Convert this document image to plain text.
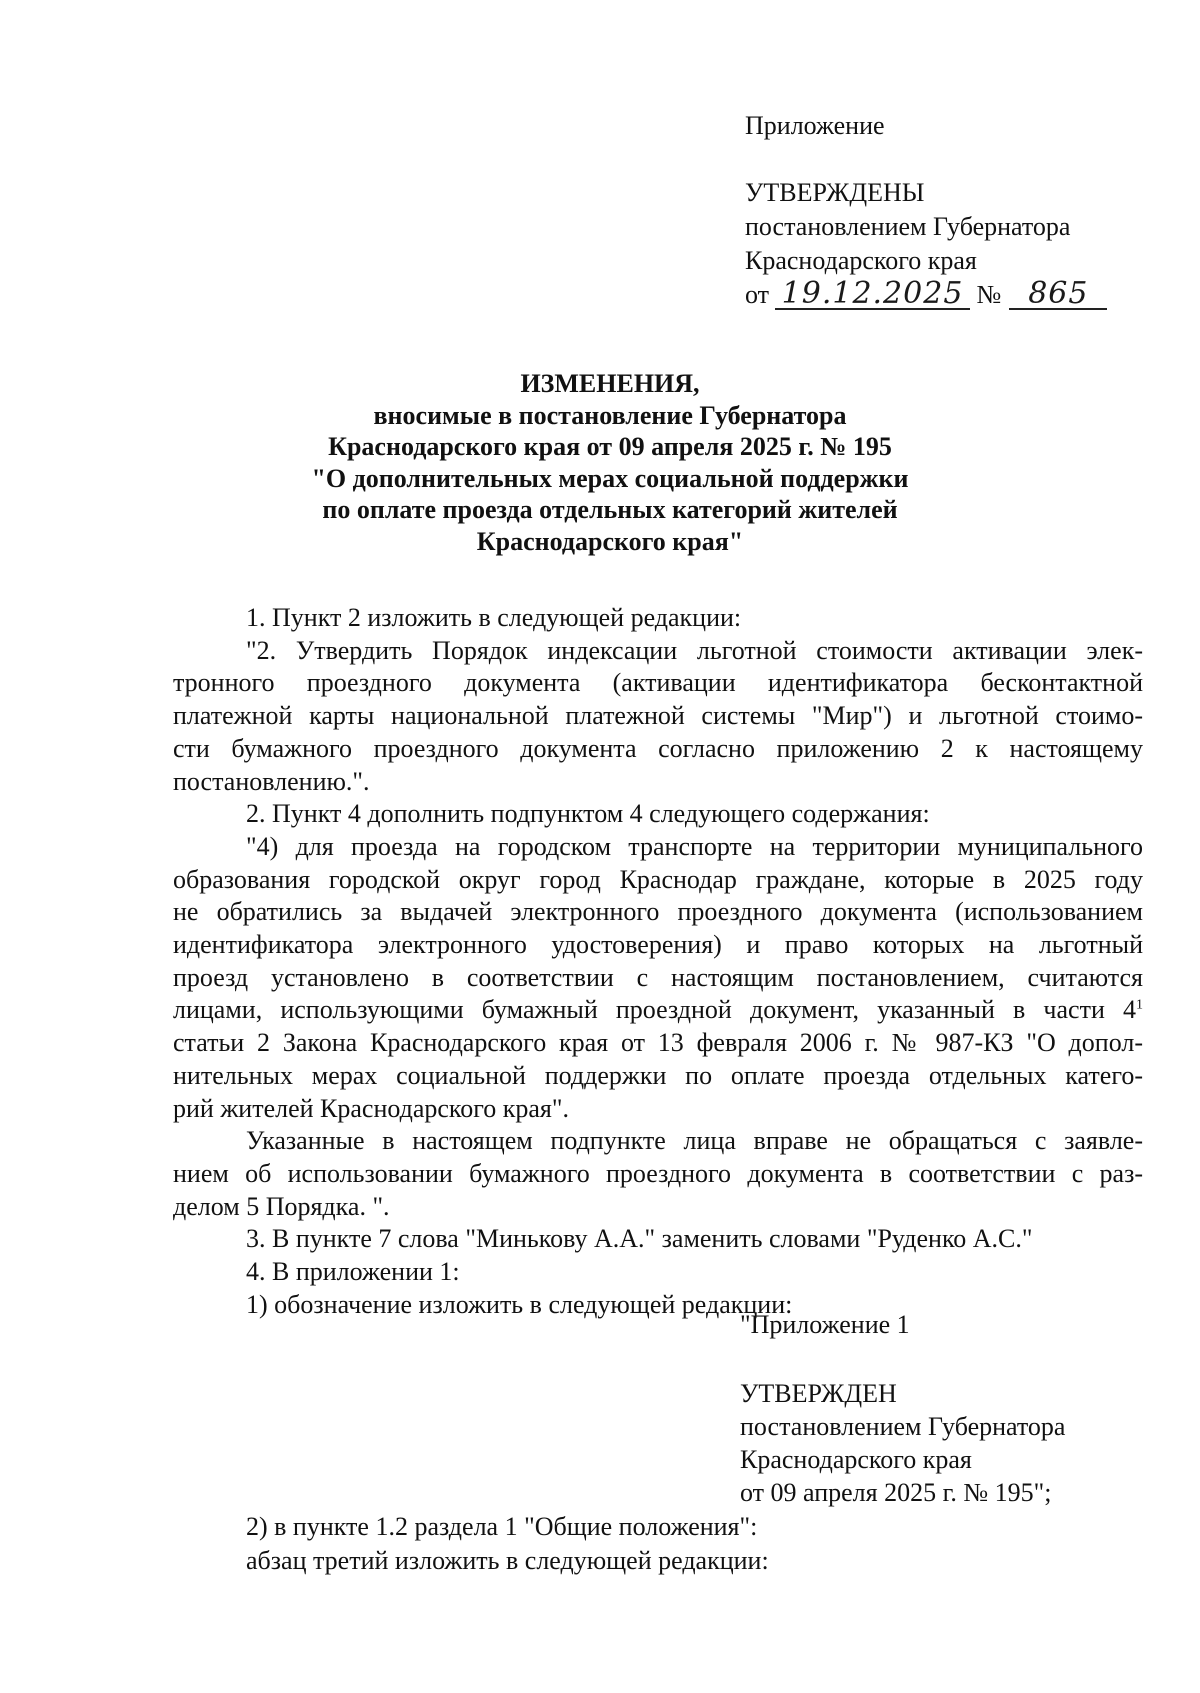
Приложение
УТВЕРЖДЕНЫ
постановлением Губернатора
Краснодарского края
от 19.12.2025 № 865
ИЗМЕНЕНИЯ,
вносимые в постановление Губернатора
Краснодарского края от 09 апреля 2025 г. № 195
"О дополнительных мерах социальной поддержки
по оплате проезда отдельных категорий жителей
Краснодарского края"

1. Пункт 2 изложить в следующей редакции:

"2. Утвердить Порядок индексации льготной стоимости активации элек-

тронного проездного документа (активации идентификатора бесконтактной

платежной карты национальной платежной системы "Мир") и льготной стоимо-

сти бумажного проездного документа согласно приложению 2 к настоящему

постановлению.".

2. Пункт 4 дополнить подпунктом 4 следующего содержания:

"4) для проезда на городском транспорте на территории муниципального

образования городской округ город Краснодар граждане, которые в 2025 году

не обратились за выдачей электронного проездного документа (использованием

идентификатора электронного удостоверения) и право которых на льготный

проезд установлено в соответствии с настоящим постановлением, считаются

лицами, использующими бумажный проездной документ, указанный в части $4^1$

статьи 2 Закона Краснодарского края от 13 февраля 2006 г. № 987-КЗ "О допол-

нительных мерах социальной поддержки по оплате проезда отдельных катего-

рий жителей Краснодарского края".

Указанные в настоящем подпункте лица вправе не обращаться с заявле-

нием об использовании бумажного проездного документа в соответствии с раз-

делом 5 Порядка. ".

3. В пункте 7 слова "Минькову А.А." заменить словами "Руденко А.С."

4. В приложении 1:

1) обозначение изложить в следующей редакции:

"Приложение 1
УТВЕРЖДЕН
постановлением Губернатора
Краснодарского края
от 09 апреля 2025 г. № 195";
2) в пункте 1.2 раздела 1 "Общие положения":
абзац третий изложить в следующей редакции:
